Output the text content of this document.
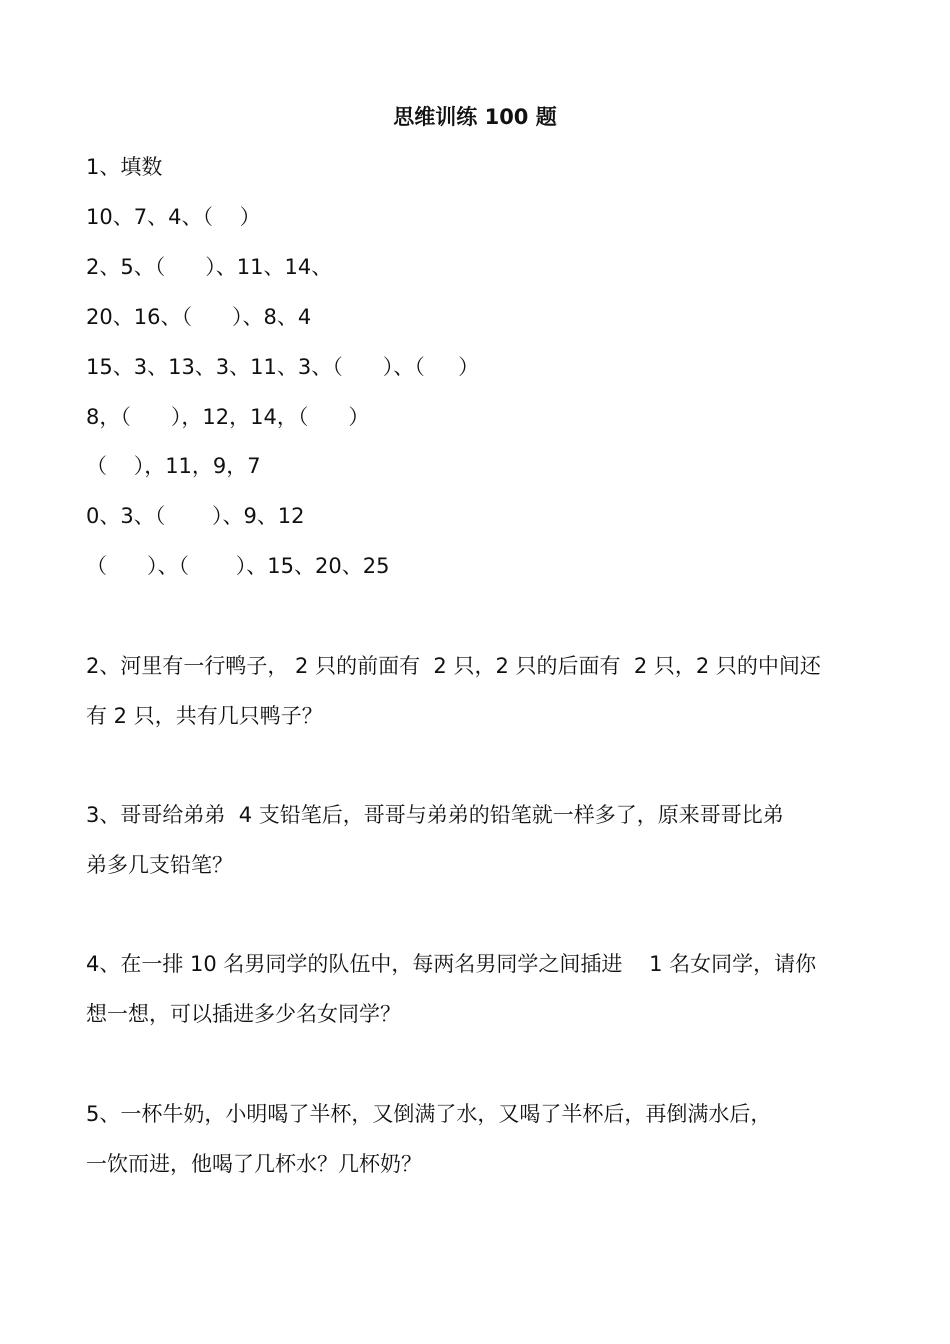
思维训练 100 题
1、填数
10、7、4、（    ）
2、5、（      ）、11、14、
20、16、（      ）、8、4
15、3、13、3、11、3、（      ）、（     ）
8，（      ），12，14，（      ）
（    ），11，9，7
0、3、（       ）、9、12
（      ）、（       ）、15、20、25
2、河里有一行鸭子， 2 只的前面有  2 只，2 只的后面有  2 只，2 只的中间还
有 2 只，共有几只鸭子？
3、哥哥给弟弟  4 支铅笔后，哥哥与弟弟的铅笔就一样多了，原来哥哥比弟
弟多几支铅笔？
4、在一排 10 名男同学的队伍中，每两名男同学之间插进    1 名女同学，请你
想一想，可以插进多少名女同学？
5、一杯牛奶，小明喝了半杯，又倒满了水，又喝了半杯后，再倒满水后，
一饮而进，他喝了几杯水？几杯奶？
